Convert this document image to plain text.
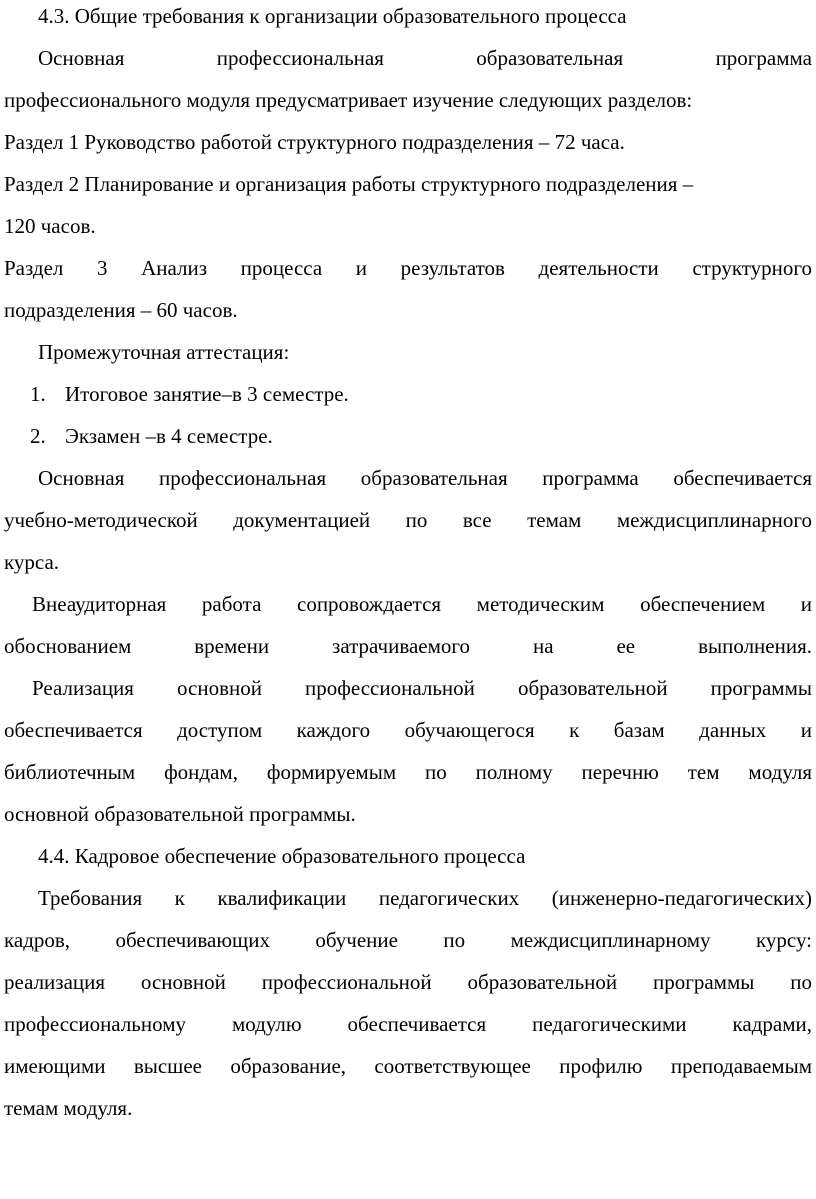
4.3. Общие требования к организации образовательного процесса
Основная профессиональная образовательная программа
профессионального модуля предусматривает изучение следующих разделов:
Раздел 1 Руководство работой структурного подразделения – 72 часа.
Раздел 2 Планирование и организация работы структурного подразделения –
120 часов.
Раздел 3 Анализ процесса и результатов деятельности структурного
подразделения – 60 часов.
Промежуточная аттестация:
1. Итоговое занятие–в 3 семестре.
2. Экзамен –в 4 семестре.
Основная профессиональная образовательная программа обеспечивается
учебно-методической документацией по все темам междисциплинарного
курса.
Внеаудиторная работа сопровождается методическим обеспечением и
обоснованием времени затрачиваемого на ее выполнения.
Реализация основной профессиональной образовательной программы
обеспечивается доступом каждого обучающегося к базам данных и
библиотечным фондам, формируемым по полному перечню тем модуля
основной образовательной программы.
4.4. Кадровое обеспечение образовательного процесса
Требования к квалификации педагогических (инженерно-педагогических)
кадров, обеспечивающих обучение по междисциплинарному курсу:
реализация основной профессиональной образовательной программы по
профессиональному модулю обеспечивается педагогическими кадрами,
имеющими высшее образование, соответствующее профилю преподаваемым
темам модуля.
